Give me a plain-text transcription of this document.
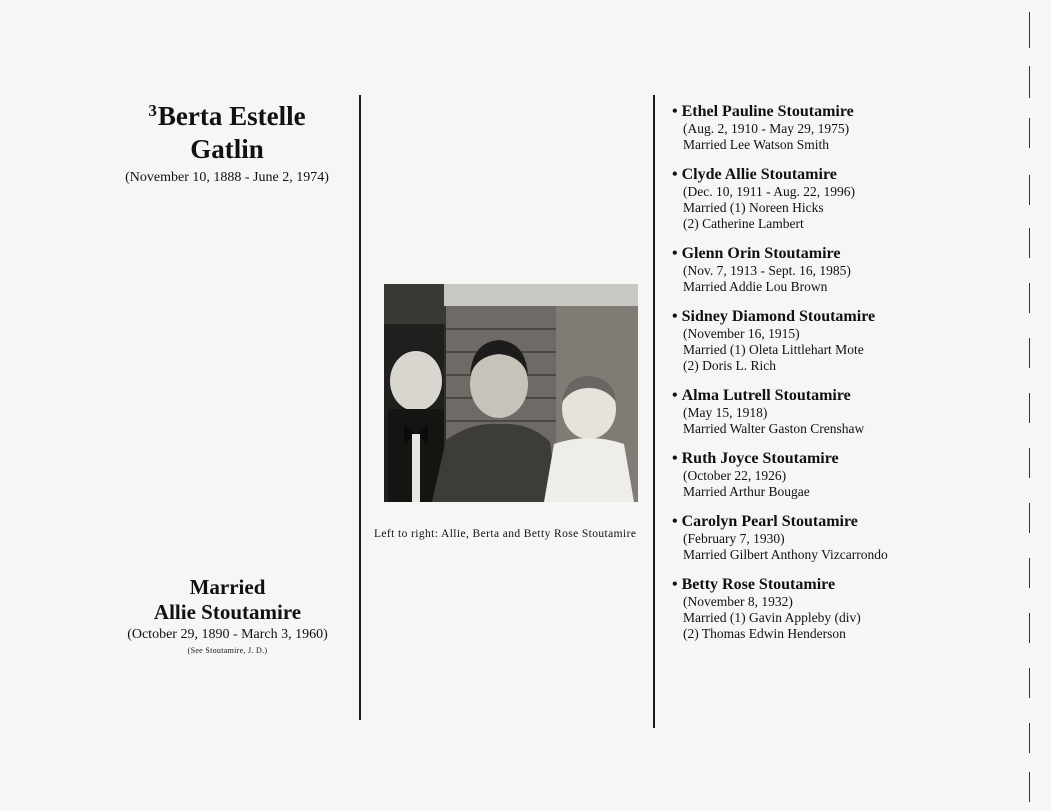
$^3$Berta Estelle
Gatlin
(November 10, 1888 - June 2, 1974)
Married
Allie Stoutamire
(October 29, 1890 - March 3, 1960)
(See Stoutamire, J. D.)
Left to right: Allie, Berta and Betty Rose Stoutamire
• Ethel Pauline Stoutamire
(Aug. 2, 1910 - May 29, 1975)
Married Lee Watson Smith
• Clyde Allie Stoutamire
(Dec. 10, 1911 - Aug. 22, 1996)
Married (1) Noreen Hicks
(2) Catherine Lambert
• Glenn Orin Stoutamire
(Nov. 7, 1913 - Sept. 16, 1985)
Married Addie Lou Brown
• Sidney Diamond Stoutamire
(November 16, 1915)
Married (1) Oleta Littlehart Mote
(2) Doris L. Rich
• Alma Lutrell Stoutamire
(May 15, 1918)
Married Walter Gaston Crenshaw
• Ruth Joyce Stoutamire
(October 22, 1926)
Married Arthur Bougae
• Carolyn Pearl Stoutamire
(February 7, 1930)
Married Gilbert Anthony Vizcarrondo
• Betty Rose Stoutamire
(November 8, 1932)
Married (1) Gavin Appleby (div)
(2) Thomas Edwin Henderson
